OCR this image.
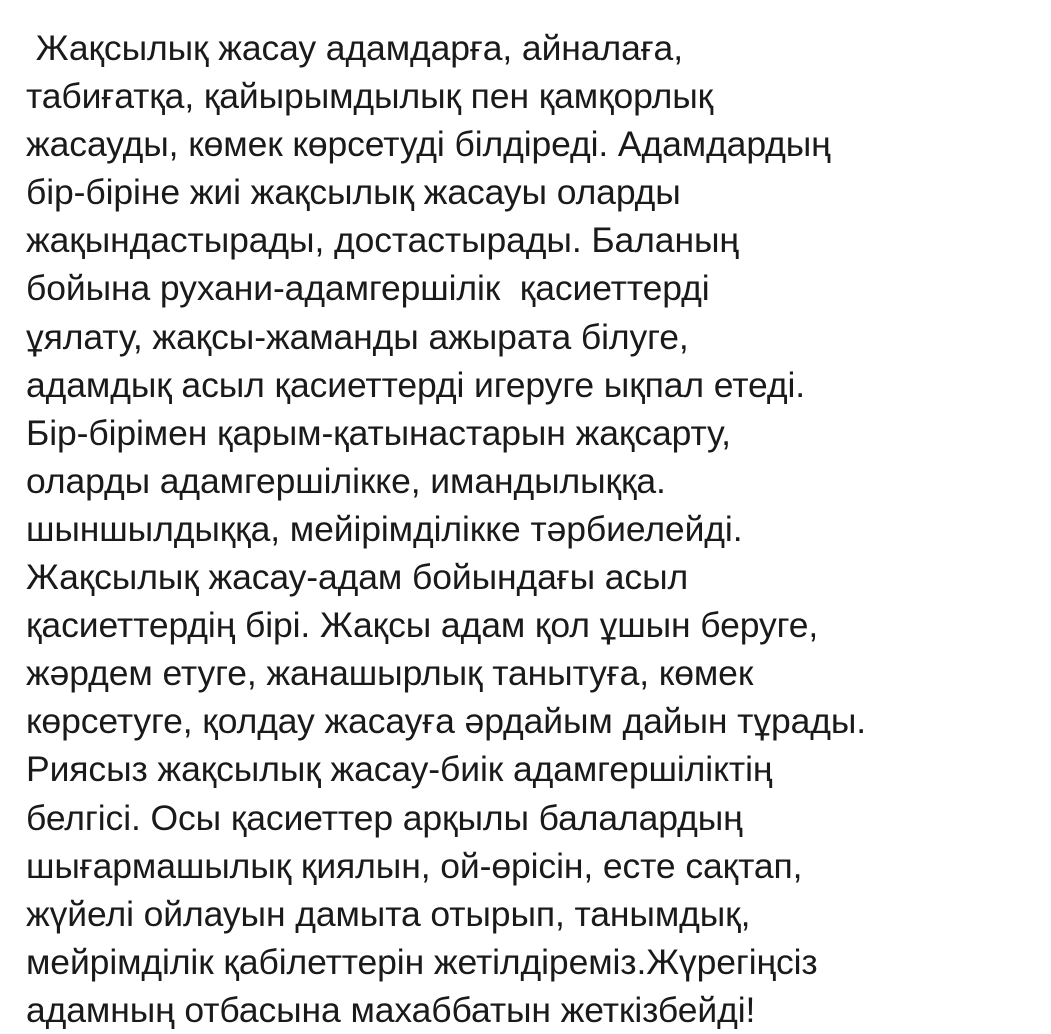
Жақсылық жасау адамдарға, айналаға,
табиғатқа, қайырымдылық пен қамқорлық
жасауды, көмек көрсетуді білдіреді. Адамдардың
бір-біріне жиі жақсылық жасауы оларды
жақындастырады, достастырады. Баланың
бойына рухани-адамгершілік  қасиеттерді
ұялату, жақсы-жаманды ажырата білуге,
адамдық асыл қасиеттерді игеруге ықпал етеді.
Бір-бірімен қарым-қатынастарын жақсарту,
оларды адамгершілікке, имандылыққа.
шыншылдыққа, мейірімділікке тәрбиелейді.
Жақсылық жасау-адам бойындағы асыл
қасиеттердің бірі. Жақсы адам қол ұшын беруге,
жәрдем етуге, жанашырлық танытуға, көмек
көрсетуге, қолдау жасауға әрдайым дайын тұрады.
Риясыз жақсылық жасау-биік адамгершіліктің
белгісі. Осы қасиеттер арқылы балалардың
шығармашылық қиялын, ой-өрісін, есте сақтап,
жүйелі ойлауын дамыта отырып, танымдық,
мейрімділік қабілеттерін жетілдіреміз.Жүрегіңсіз
адамның отбасына махаббатын жеткізбейді!
